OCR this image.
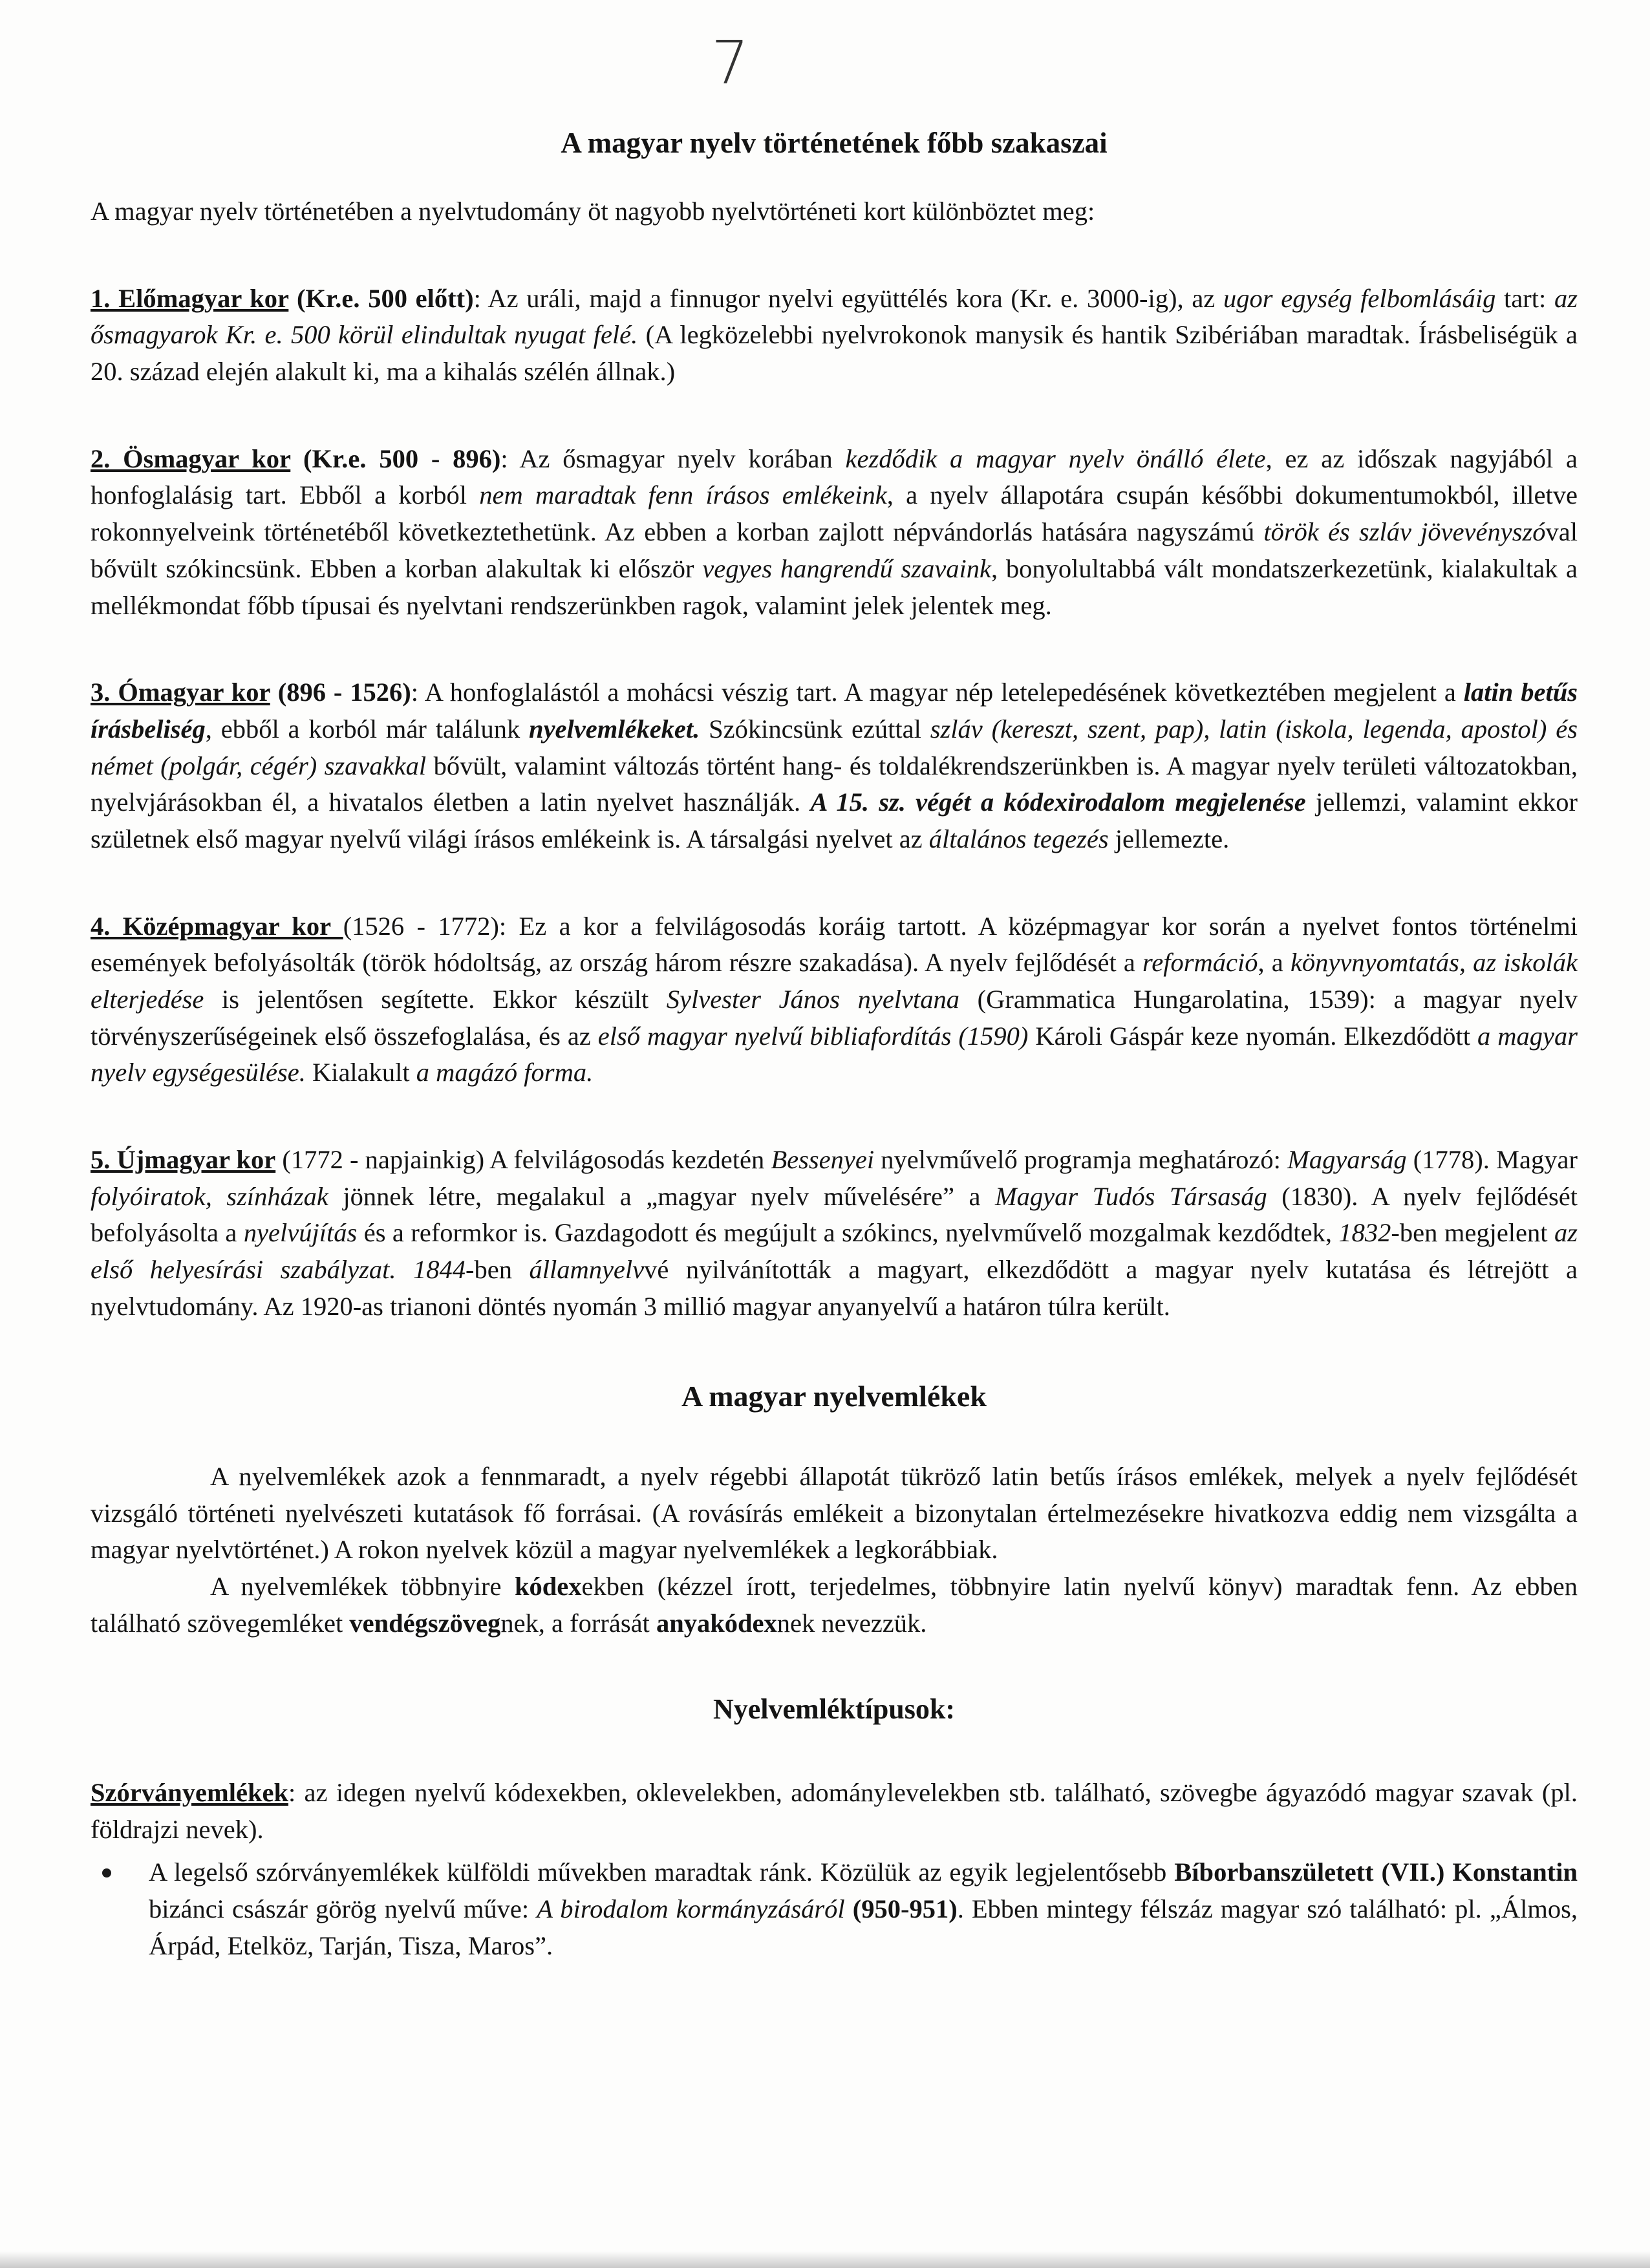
7
A magyar nyelv történetének főbb szakaszai

A magyar nyelv történetében a nyelvtudomány öt nagyobb nyelvtörténeti kort különböztet meg:

1. Előmagyar kor (Kr.e. 500 előtt): Az uráli, majd a finnugor nyelvi együttélés kora (Kr. e. 3000-ig), az ugor egység felbomlásáig tart: az ősmagyarok Kr. e. 500 körül elindultak nyugat felé. (A legközelebbi nyelvrokonok manysik és hantik Szibériában maradtak. Írásbeliségük a 20. század elején alakult ki, ma a kihalás szélén állnak.)

2. Ösmagyar kor (Kr.e. 500 - 896): Az ősmagyar nyelv korában kezdődik a magyar nyelv önálló élete, ez az időszak nagyjából a honfoglalásig tart. Ebből a korból nem maradtak fenn írásos emlékeink, a nyelv állapotára csupán későbbi dokumentumokból, illetve rokonnyelveink történetéből következtethetünk. Az ebben a korban zajlott népvándorlás hatására nagyszámú török és szláv jövevényszóval bővült szókincsünk. Ebben a korban alakultak ki először vegyes hangrendű szavaink, bonyolultabbá vált mondatszerkezetünk, kialakultak a mellékmondat főbb típusai és nyelvtani rendszerünkben ragok, valamint jelek jelentek meg.

3. Ómagyar kor (896 - 1526): A honfoglalástól a mohácsi vészig tart. A magyar nép letelepedésének következtében megjelent a latin betűs írásbeliség, ebből a korból már találunk nyelvemlékeket. Szókincsünk ezúttal szláv (kereszt, szent, pap), latin (iskola, legenda, apostol) és német (polgár, cégér) szavakkal bővült, valamint változás történt hang- és toldalékrendszerünkben is. A magyar nyelv területi változatokban, nyelvjárásokban él, a hivatalos életben a latin nyelvet használják. A 15. sz. végét a kódexirodalom megjelenése jellemzi, valamint ekkor születnek első magyar nyelvű világi írásos emlékeink is. A társalgási nyelvet az általános tegezés jellemezte.

4. Középmagyar kor (1526 - 1772): Ez a kor a felvilágosodás koráig tartott. A középmagyar kor során a nyelvet fontos történelmi események befolyásolták (török hódoltság, az ország három részre szakadása). A nyelv fejlődését a reformáció, a könyvnyomtatás, az iskolák elterjedése is jelentősen segítette. Ekkor készült Sylvester János nyelvtana (Grammatica Hungarolatina, 1539): a magyar nyelv törvényszerűségeinek első összefoglalása, és az első magyar nyelvű bibliafordítás (1590) Károli Gáspár keze nyomán. Elkezdődött a magyar nyelv egységesülése. Kialakult a magázó forma.

5. Újmagyar kor (1772 - napjainkig) A felvilágosodás kezdetén Bessenyei nyelvművelő programja meghatározó: Magyarság (1778). Magyar folyóiratok, színházak jönnek létre, megalakul a „magyar nyelv művelésére” a Magyar Tudós Társaság (1830). A nyelv fejlődését befolyásolta a nyelvújítás és a reformkor is. Gazdagodott és megújult a szókincs, nyelvművelő mozgalmak kezdődtek, 1832-ben megjelent az első helyesírási szabályzat. 1844-ben államnyelvvé nyilvánították a magyart, elkezdődött a magyar nyelv kutatása és létrejött a nyelvtudomány. Az 1920-as trianoni döntés nyomán 3 millió magyar anyanyelvű a határon túlra került.

A magyar nyelvemlékek

A nyelvemlékek azok a fennmaradt, a nyelv régebbi állapotát tükröző latin betűs írásos emlékek, melyek a nyelv fejlődését vizsgáló történeti nyelvészeti kutatások fő forrásai. (A rovásírás emlékeit a bizonytalan értelmezésekre hivatkozva eddig nem vizsgálta a magyar nyelvtörténet.) A rokon nyelvek közül a magyar nyelvemlékek a legkorábbiak.

A nyelvemlékek többnyire kódexekben (kézzel írott, terjedelmes, többnyire latin nyelvű könyv) maradtak fenn. Az ebben található szövegemléket vendégszövegnek, a forrását anyakódexnek nevezzük.

Nyelvemléktípusok:

Szórványemlékek: az idegen nyelvű kódexekben, oklevelekben, adománylevelekben stb. található, szövegbe ágyazódó magyar szavak (pl. földrajzi nevek).

A legelső szórványemlékek külföldi művekben maradtak ránk. Közülük az egyik legjelentősebb Bíborbanszületett (VII.) Konstantin bizánci császár görög nyelvű műve: A birodalom kormányzásáról (950-951). Ebben mintegy félszáz magyar szó található: pl. „Álmos, Árpád, Etelköz, Tarján, Tisza, Maros”.
